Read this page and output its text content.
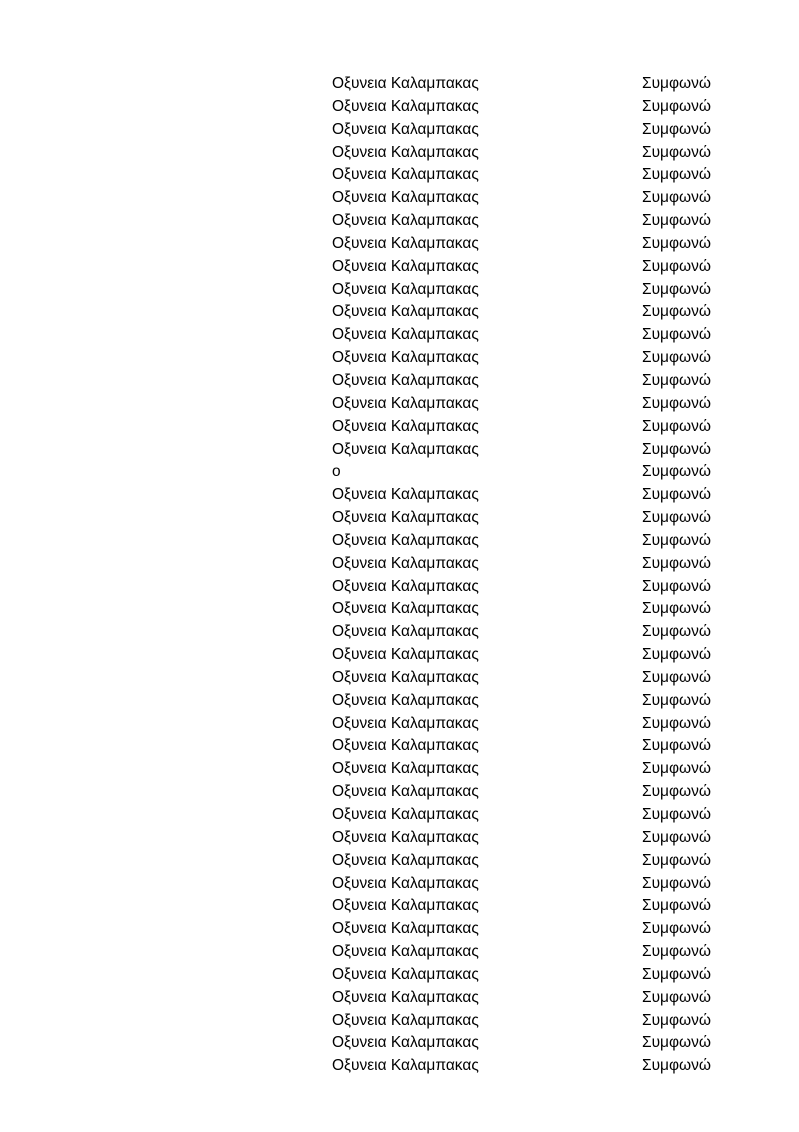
Οξυνεια Καλαμπακας	Συμφωνώ
Οξυνεια Καλαμπακας	Συμφωνώ
Οξυνεια Καλαμπακας	Συμφωνώ
Οξυνεια Καλαμπακας	Συμφωνώ
Οξυνεια Καλαμπακας	Συμφωνώ
Οξυνεια Καλαμπακας	Συμφωνώ
Οξυνεια Καλαμπακας	Συμφωνώ
Οξυνεια Καλαμπακας	Συμφωνώ
Οξυνεια Καλαμπακας	Συμφωνώ
Οξυνεια Καλαμπακας	Συμφωνώ
Οξυνεια Καλαμπακας	Συμφωνώ
Οξυνεια Καλαμπακας	Συμφωνώ
Οξυνεια Καλαμπακας	Συμφωνώ
Οξυνεια Καλαμπακας	Συμφωνώ
Οξυνεια Καλαμπακας	Συμφωνώ
Οξυνεια Καλαμπακας	Συμφωνώ
Οξυνεια Καλαμπακας	Συμφωνώ
ο	Συμφωνώ
Οξυνεια Καλαμπακας	Συμφωνώ
Οξυνεια Καλαμπακας	Συμφωνώ
Οξυνεια Καλαμπακας	Συμφωνώ
Οξυνεια Καλαμπακας	Συμφωνώ
Οξυνεια Καλαμπακας	Συμφωνώ
Οξυνεια Καλαμπακας	Συμφωνώ
Οξυνεια Καλαμπακας	Συμφωνώ
Οξυνεια Καλαμπακας	Συμφωνώ
Οξυνεια Καλαμπακας	Συμφωνώ
Οξυνεια Καλαμπακας	Συμφωνώ
Οξυνεια Καλαμπακας	Συμφωνώ
Οξυνεια Καλαμπακας	Συμφωνώ
Οξυνεια Καλαμπακας	Συμφωνώ
Οξυνεια Καλαμπακας	Συμφωνώ
Οξυνεια Καλαμπακας	Συμφωνώ
Οξυνεια Καλαμπακας	Συμφωνώ
Οξυνεια Καλαμπακας	Συμφωνώ
Οξυνεια Καλαμπακας	Συμφωνώ
Οξυνεια Καλαμπακας	Συμφωνώ
Οξυνεια Καλαμπακας	Συμφωνώ
Οξυνεια Καλαμπακας	Συμφωνώ
Οξυνεια Καλαμπακας	Συμφωνώ
Οξυνεια Καλαμπακας	Συμφωνώ
Οξυνεια Καλαμπακας	Συμφωνώ
Οξυνεια Καλαμπακας	Συμφωνώ
Οξυνεια Καλαμπακας	Συμφωνώ
